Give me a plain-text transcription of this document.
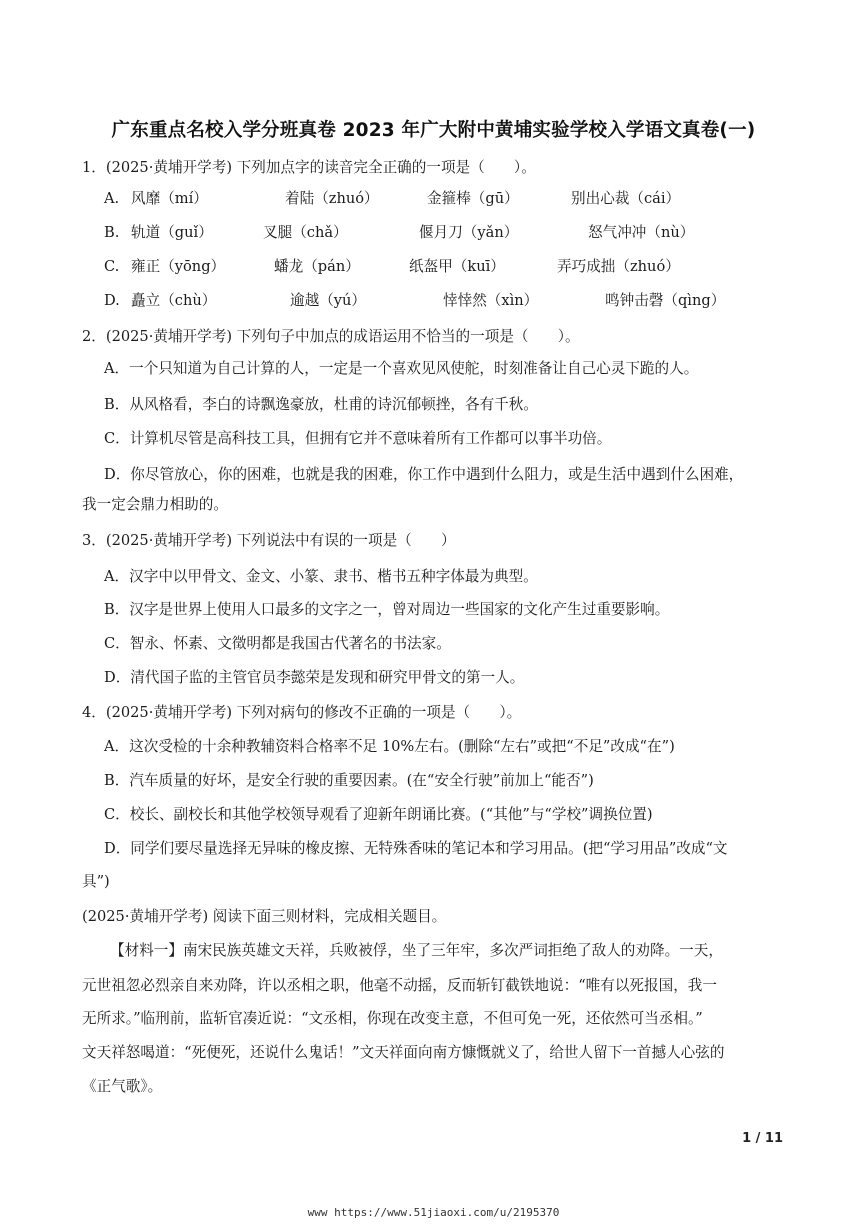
广东重点名校入学分班真卷 2023 年广大附中黄埔实验学校入学语文真卷(一)
1．(2025·黄埔开学考) 下列加点字的读音完全正确的一项是（　　）。
A. 风靡（mí）	着陆（zhuó）	金箍棒（gū）	别出心裁（cái）
B. 轨道（guǐ）	叉腿（chǎ）	偃月刀（yǎn）	怒气冲冲（nù）
C. 雍正（yōng）	蟠龙（pán）	纸盔甲（kuī）	弄巧成拙（zhuó）
D. 矗立（chù）	逾越（yú）	悻悻然（xìn）	鸣钟击磬（qìng）
2．(2025·黄埔开学考) 下列句子中加点的成语运用不恰当的一项是（　　）。
A．一个只知道为自己计算的人，一定是一个喜欢见风使舵，时刻准备让自己心灵下跪的人。
B．从风格看，李白的诗飘逸豪放，杜甫的诗沉郁顿挫，各有千秋。
C．计算机尽管是高科技工具，但拥有它并不意味着所有工作都可以事半功倍。
D．你尽管放心，你的困难，也就是我的困难，你工作中遇到什么阻力，或是生活中遇到什么困难，
我一定会鼎力相助的。
3．(2025·黄埔开学考) 下列说法中有误的一项是（　　）
A．汉字中以甲骨文、金文、小篆、隶书、楷书五种字体最为典型。
B．汉字是世界上使用人口最多的文字之一，曾对周边一些国家的文化产生过重要影响。
C．智永、怀素、文徵明都是我国古代著名的书法家。
D．清代国子监的主管官员李懿荣是发现和研究甲骨文的第一人。
4．(2025·黄埔开学考) 下列对病句的修改不正确的一项是（　　）。
A．这次受检的十余种教辅资料合格率不足 10%左右。(删除“左右”或把“不足”改成“在”)
B．汽车质量的好坏，是安全行驶的重要因素。(在“安全行驶”前加上“能否”)
C．校长、副校长和其他学校领导观看了迎新年朗诵比赛。(“其他”与“学校”调换位置)
D．同学们要尽量选择无异味的橡皮擦、无特殊香味的笔记本和学习用品。(把“学习用品”改成“文
具”)
(2025·黄埔开学考) 阅读下面三则材料，完成相关题目。
【材料一】南宋民族英雄文天祥，兵败被俘，坐了三年牢，多次严词拒绝了敌人的劝降。一天，
元世祖忽必烈亲自来劝降，许以丞相之职，他毫不动摇，反而斩钉截铁地说：“唯有以死报国，我一
无所求。”临刑前，监斩官凑近说：“文丞相，你现在改变主意，不但可免一死，还依然可当丞相。”
文天祥怒喝道：“死便死，还说什么鬼话！”文天祥面向南方慷慨就义了，给世人留下一首撼人心弦的
《正气歌》。
1 / 11
www https://www.51jiaoxi.com/u/2195370
